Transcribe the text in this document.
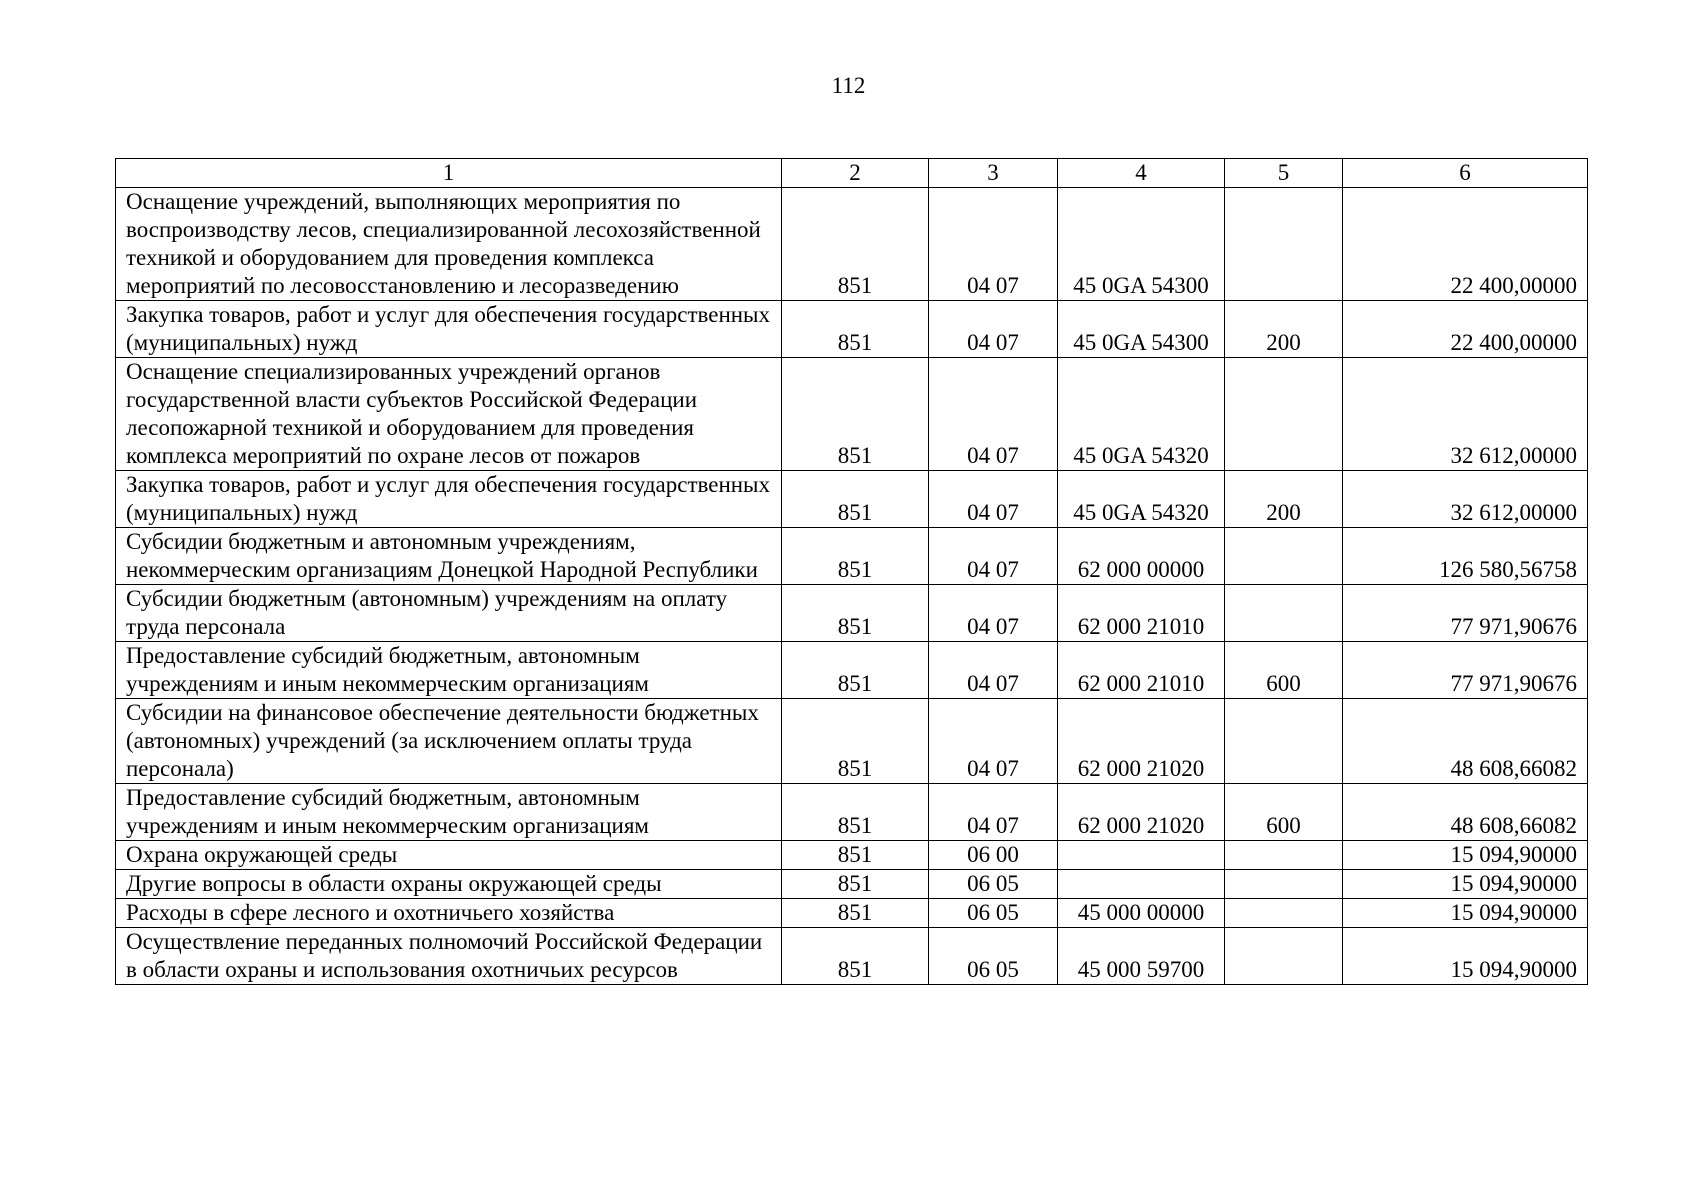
112
1	2	3	4	5	6
Оснащение учреждений, выполняющих мероприятия по воспроизводству лесов, специализированной лесохозяйственной техникой и оборудованием для проведения комплекса мероприятий по лесовосстановлению и лесоразведению	851	04 07	45 0GA 54300		22 400,00000
Закупка товаров, работ и услуг для обеспечения государственных (муниципальных) нужд	851	04 07	45 0GA 54300	200	22 400,00000
Оснащение специализированных учреждений органов государственной власти субъектов Российской Федерации лесопожарной техникой и оборудованием для проведения комплекса мероприятий по охране лесов от пожаров	851	04 07	45 0GA 54320		32 612,00000
Закупка товаров, работ и услуг для обеспечения государственных (муниципальных) нужд	851	04 07	45 0GA 54320	200	32 612,00000
Субсидии бюджетным и автономным учреждениям, некоммерческим организациям Донецкой Народной Республики	851	04 07	62 000 00000		126 580,56758
Субсидии бюджетным (автономным) учреждениям на оплату труда персонала	851	04 07	62 000 21010		77 971,90676
Предоставление субсидий бюджетным, автономным учреждениям и иным некоммерческим организациям	851	04 07	62 000 21010	600	77 971,90676
Субсидии на финансовое обеспечение деятельности бюджетных (автономных) учреждений (за исключением оплаты труда персонала)	851	04 07	62 000 21020		48 608,66082
Предоставление субсидий бюджетным, автономным учреждениям и иным некоммерческим организациям	851	04 07	62 000 21020	600	48 608,66082
Охрана окружающей среды	851	06 00			15 094,90000
Другие вопросы в области охраны окружающей среды	851	06 05			15 094,90000
Расходы в сфере лесного и охотничьего хозяйства	851	06 05	45 000 00000		15 094,90000
Осуществление переданных полномочий Российской Федерации в области охраны и использования охотничьих ресурсов	851	06 05	45 000 59700		15 094,90000
